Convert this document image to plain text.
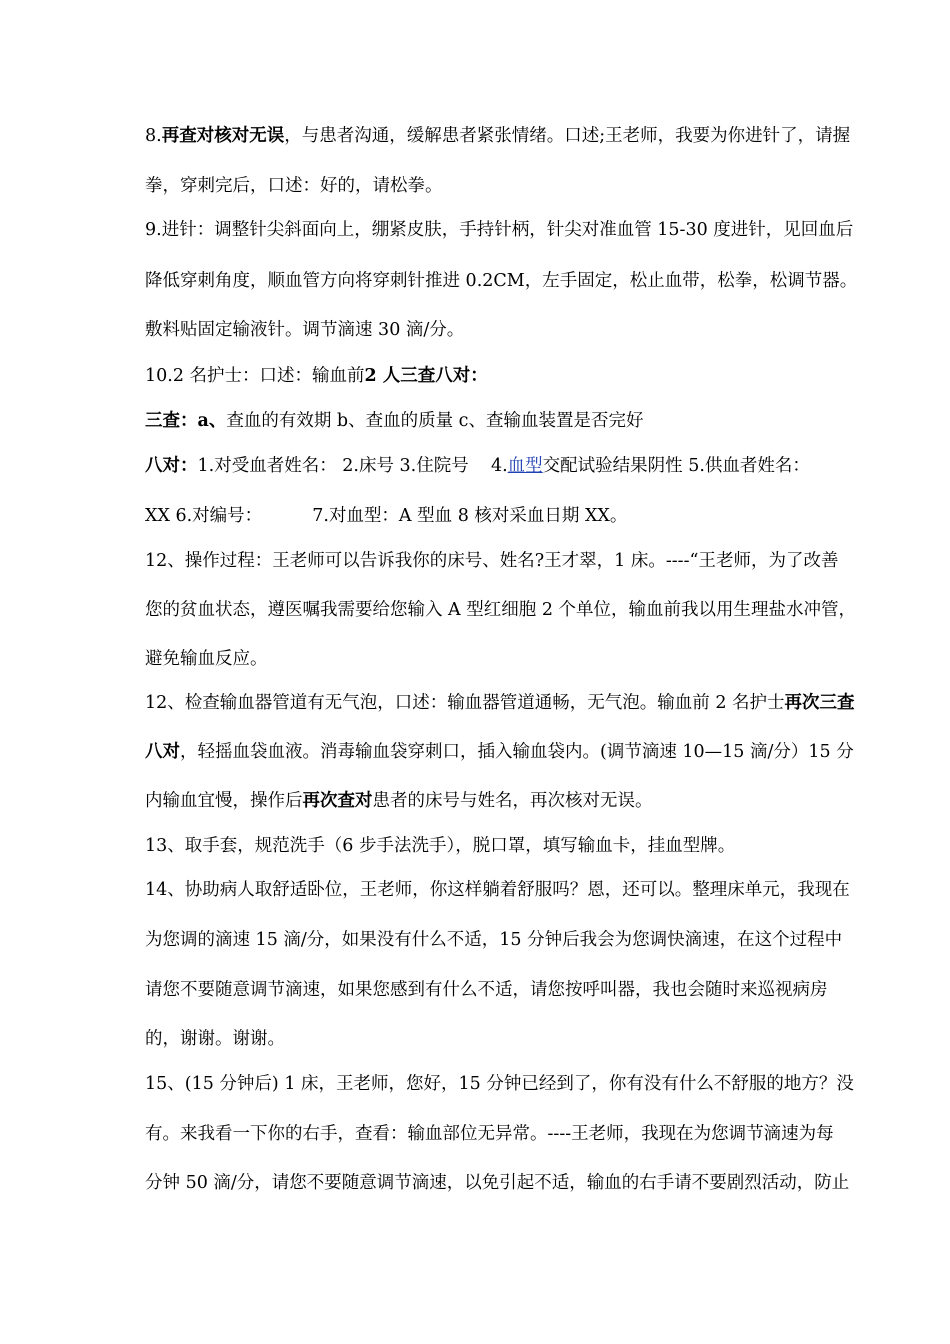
8.再查对核对无误，与患者沟通，缓解患者紧张情绪。口述;王老师，我要为你进针了，请握
拳，穿刺完后，口述：好的，请松拳。
9.进针：调整针尖斜面向上，绷紧皮肤，手持针柄，针尖对准血管 15-30 度进针，见回血后
降低穿刺角度，顺血管方向将穿刺针推进 0.2CM，左手固定，松止血带，松拳，松调节器。
敷料贴固定输液针。调节滴速 30 滴/分。
10.2 名护士：口述：输血前2 人三查八对：
三查：a、查血的有效期 b、查血的质量 c、查输血装置是否完好
八对：1.对受血者姓名： 2.床号 3.住院号    4.血型交配试验结果阴性 5.供血者姓名：
XX 6.对编号：         7.对血型：A 型血 8 核对采血日期 XX。
12、操作过程：王老师可以告诉我你的床号、姓名?王才翠，1 床。----“王老师，为了改善
您的贫血状态，遵医嘱我需要给您输入 A 型红细胞 2 个单位，输血前我以用生理盐水冲管，
避免输血反应。
12、检查输血器管道有无气泡，口述：输血器管道通畅，无气泡。输血前 2 名护士再次三查
八对，轻摇血袋血液。消毒输血袋穿刺口，插入输血袋内。(调节滴速 10—15 滴/分）15 分
内输血宜慢，操作后再次查对患者的床号与姓名，再次核对无误。
13、取手套，规范洗手（6 步手法洗手），脱口罩，填写输血卡，挂血型牌。
14、协助病人取舒适卧位，王老师，你这样躺着舒服吗？恩，还可以。整理床单元，我现在
为您调的滴速 15 滴/分，如果没有什么不适，15 分钟后我会为您调快滴速，在这个过程中
请您不要随意调节滴速，如果您感到有什么不适，请您按呼叫器，我也会随时来巡视病房
的，谢谢。谢谢。
15、(15 分钟后) 1 床，王老师，您好，15 分钟已经到了，你有没有什么不舒服的地方？没
有。来我看一下你的右手，查看：输血部位无异常。----王老师，我现在为您调节滴速为每
分钟 50 滴/分，请您不要随意调节滴速，以免引起不适，输血的右手请不要剧烈活动，防止
